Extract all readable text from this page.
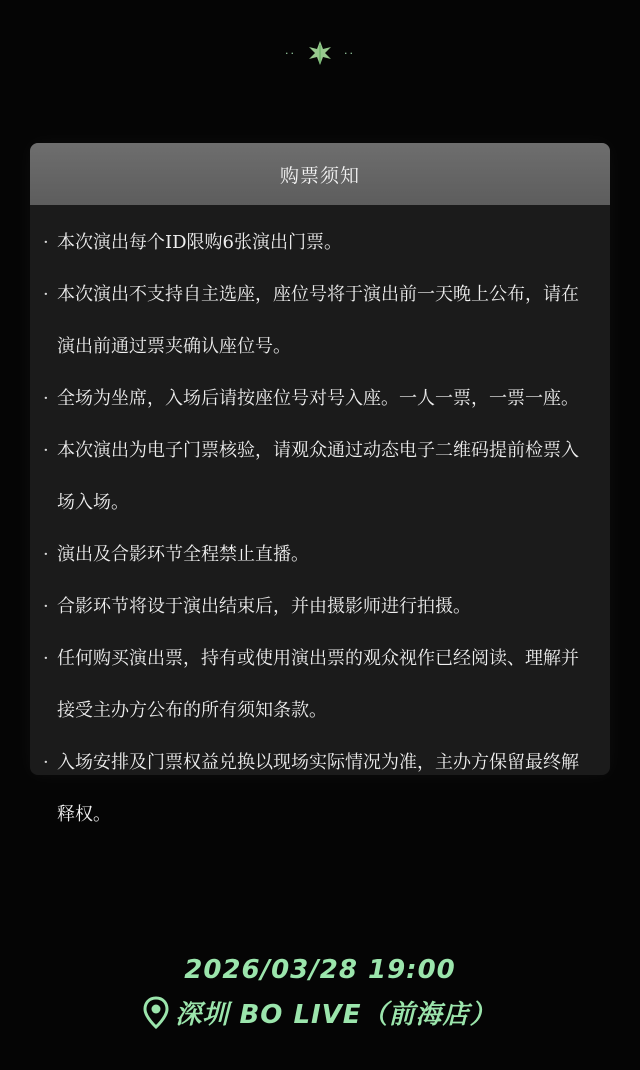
··	··
购票须知
· 本次演出每个ID限购6张演出门票。
· 本次演出不支持自主选座，座位号将于演出前一天晚上公布，请在演出前通过票夹确认座位号。
· 全场为坐席，入场后请按座位号对号入座。一人一票，一票一座。
· 本次演出为电子门票核验，请观众通过动态电子二维码提前检票入场入场。
· 演出及合影环节全程禁止直播。
· 合影环节将设于演出结束后，并由摄影师进行拍摄。
· 任何购买演出票，持有或使用演出票的观众视作已经阅读、理解并接受主办方公布的所有须知条款。
· 入场安排及门票权益兑换以现场实际情况为准，主办方保留最终解释权。
2026/03/28 19:00
深圳 BO LIVE（前海店）
